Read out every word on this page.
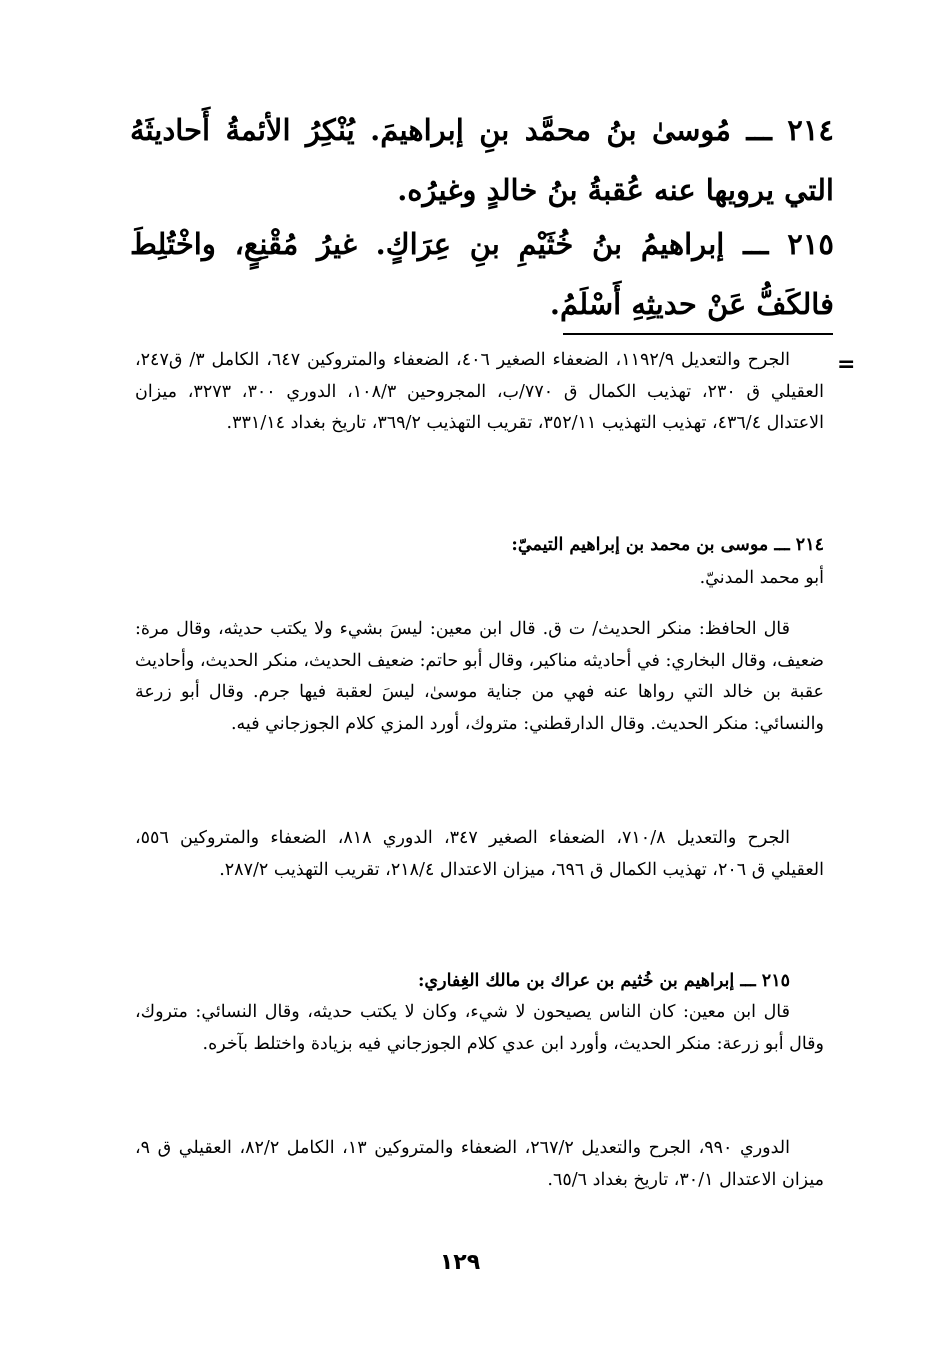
٢١٤ ـــ مُوسىٰ بنُ محمَّد بنِ إبراهيمَ. يُنْكِرُ الأئمةُ أَحاديثَهُ التي يرويها عنه عُقبةُ بنُ خالدٍ وغيرُه.
٢١٥ ـــ إبراهيمُ بنُ خُثَيْمِ بنِ عِرَاكٍ. غيرُ مُقْنِعٍ، واخْتُلِطَ فالكَفُّ عَنْ حديثِهِ أَسْلَمُ.
=
الجرح والتعديل ١١٩٢/٩، الضعفاء الصغير ٤٠٦، الضعفاء والمتروكين ٦٤٧، الكامل ٣/ ق٢٤٧، العقيلي ق ٢٣٠، تهذيب الكمال ق ٧٧٠/ب، المجروحين ١٠٨/٣، الدوري ٣٠٠، ٣٢٧٣، ميزان الاعتدال ٤٣٦/٤، تهذيب التهذيب ٣٥٢/١١، تقريب التهذيب ٣٦٩/٢، تاريخ بغداد ٣٣١/١٤.
٢١٤ ـــ موسى بن محمد بن إبراهيم التيميّ:
أبو محمد المدنيّ.
قال الحافظ: منكر الحديث/ ت ق. قال ابن معين: ليسَ بشيء ولا يكتب حديثه، وقال مرة: ضعيف، وقال البخاري: في أحاديثه مناكير، وقال أبو حاتم: ضعيف الحديث، منكر الحديث، وأحاديث عقبة بن خالد التي رواها عنه فهي من جناية موسىٰ، ليسَ لعقبة فيها جرم. وقال أبو زرعة والنسائي: منكر الحديث. وقال الدارقطني: متروك، أورد المزي كلام الجوزجاني فيه.
الجرح والتعديل ٧١٠/٨، الضعفاء الصغير ٣٤٧، الدوري ٨١٨، الضعفاء والمتروكين ٥٥٦، العقيلي ق ٢٠٦، تهذيب الكمال ق ٦٩٦، ميزان الاعتدال ٢١٨/٤، تقريب التهذيب ٢٨٧/٢.
٢١٥ ـــ إبراهيم بن خُثيم بن عراك بن مالك الغِفاري:
قال ابن معين: كان الناس يصيحون لا شيء، وكان لا يكتب حديثه، وقال النسائي: متروك، وقال أبو زرعة: منكر الحديث، وأورد ابن عدي كلام الجوزجاني فيه بزيادة واختلط بآخره.
الدوري ٩٩٠، الجرح والتعديل ٢٦٧/٢، الضعفاء والمتروكين ١٣، الكامل ٨٢/٢، العقيلي ق ٩، ميزان الاعتدال ٣٠/١، تاريخ بغداد ٦٥/٦.
١٢٩
